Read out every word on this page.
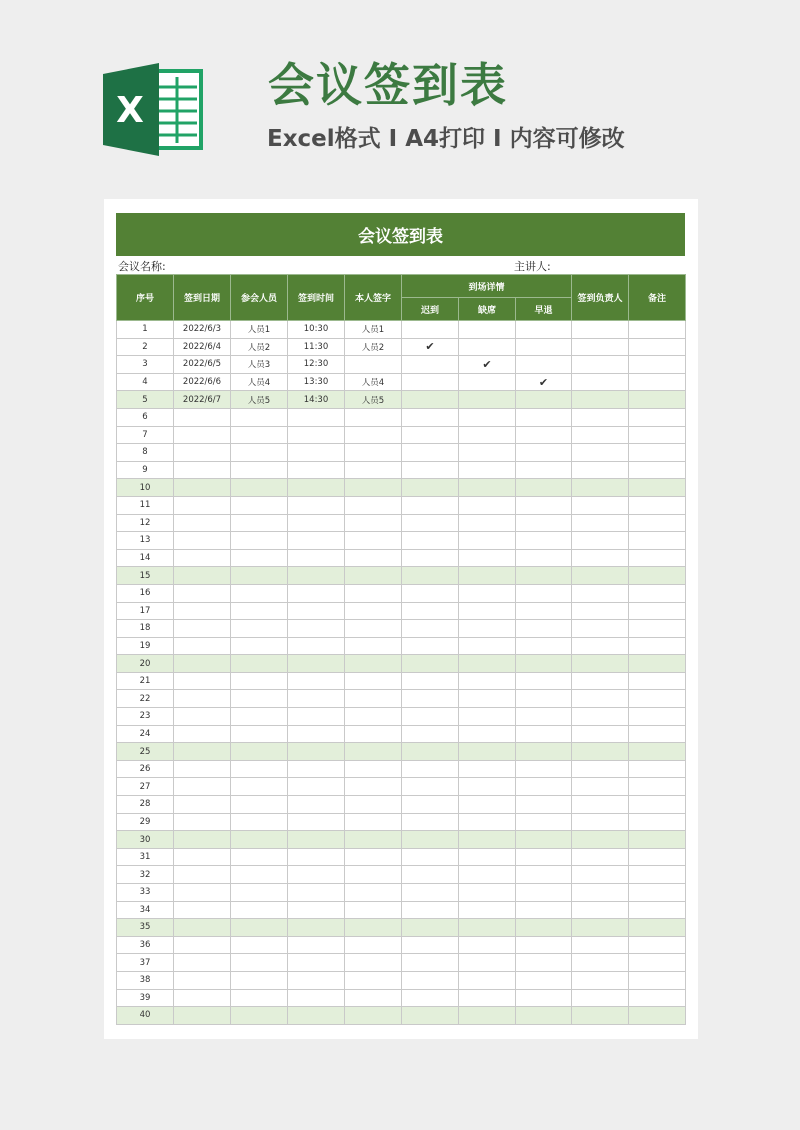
X	会议签到表
Excel格式 I A4打印 I 内容可修改
会议签到表
会议名称:	主讲人:
序号	签到日期	参会人员	签到时间	本人签字	到场详情			签到负责人	备注
					迟到	缺席	早退		
1	2022/6/3	人员1	10:30	人员1					
2	2022/6/4	人员2	11:30	人员2	✔				
3	2022/6/5	人员3	12:30			✔			
4	2022/6/6	人员4	13:30	人员4			✔		
5	2022/6/7	人员5	14:30	人员5					
6									
7									
8									
9									
10									
11									
12									
13									
14									
15									
16									
17									
18									
19									
20									
21									
22									
23									
24									
25									
26									
27									
28									
29									
30									
31									
32									
33									
34									
35									
36									
37									
38									
39									
40									
